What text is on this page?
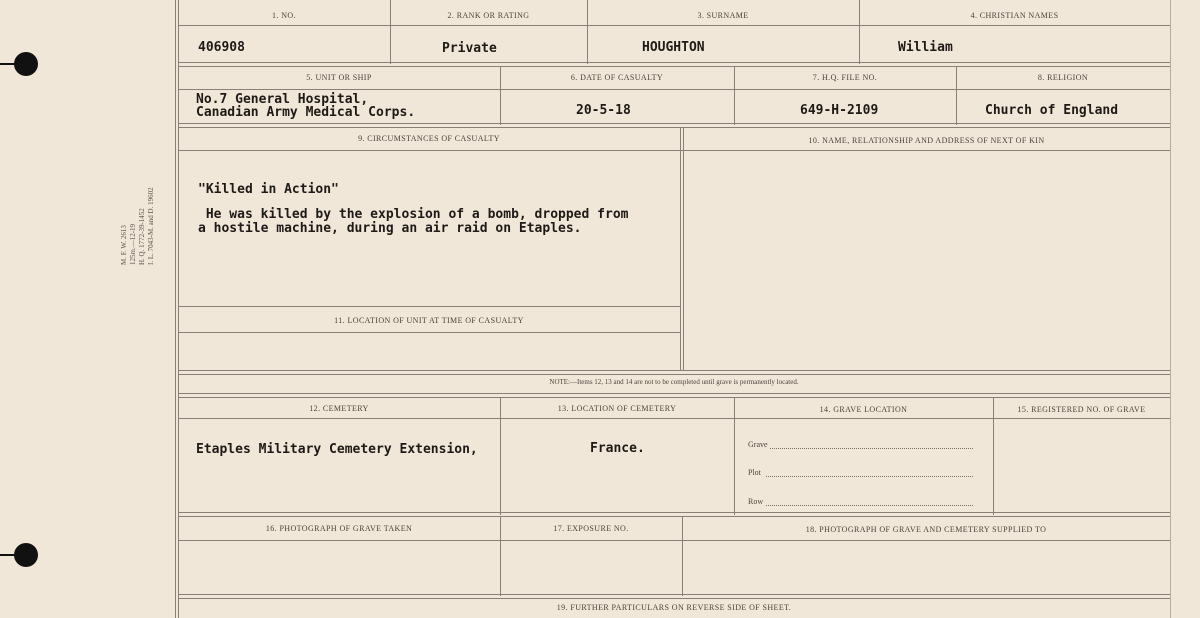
M. F. W. 2613 125m.—12-19 H. Q. 1772-39-1452 I. L. 7043-M. and D. 19602
1. NO.	2. RANK OR RATING	3. SURNAME	4. CHRISTIAN NAMES
406908	Private	HOUGHTON	William
5. UNIT OR SHIP	6. DATE OF CASUALTY	7. H.Q. FILE NO.	8. RELIGION
No.7 General Hospital,
Canadian Army Medical Corps.	20-5-18	649-H-2109	Church of England
9. CIRCUMSTANCES OF CASUALTY	10. NAME, RELATIONSHIP AND ADDRESS OF NEXT OF KIN
"Killed in Action"
He was killed by the explosion of a bomb, dropped from
a hostile machine, during an air raid on Etaples.
11. LOCATION OF UNIT AT TIME OF CASUALTY
NOTE:—Items 12, 13 and 14 are not to be completed until grave is permanently located.
12. CEMETERY	13. LOCATION OF CEMETERY	14. GRAVE LOCATION	15. REGISTERED NO. OF GRAVE
Etaples Military Cemetery Extension,	France.	Grave
Plot
Row
16. PHOTOGRAPH OF GRAVE TAKEN	17. EXPOSURE NO.	18. PHOTOGRAPH OF GRAVE AND CEMETERY SUPPLIED TO
19. FURTHER PARTICULARS ON REVERSE SIDE OF SHEET.
